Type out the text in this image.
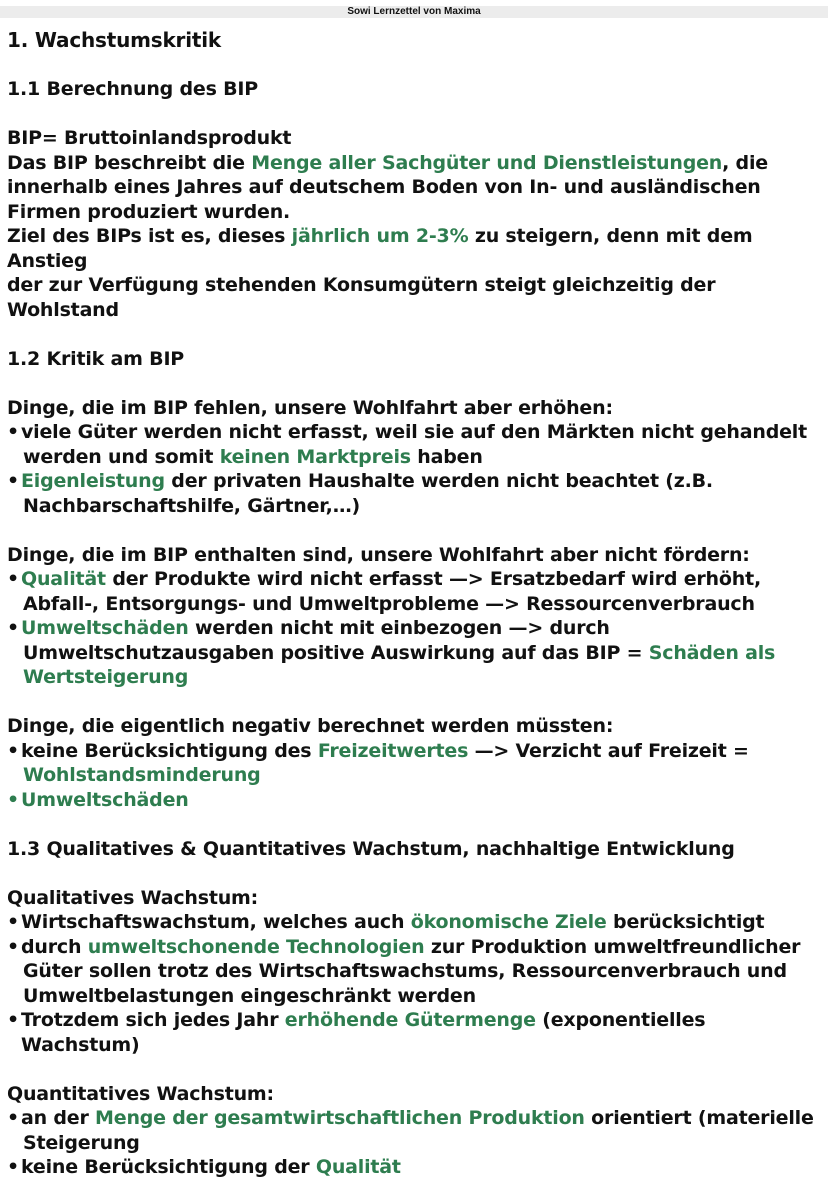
Sowi Lernzettel von Maxima

1. Wachstumskritik

1.1 Berechnung des BIP

BIP= Bruttoinlandsprodukt

Das BIP beschreibt die Menge aller Sachgüter und Dienstleistungen, die

innerhalb eines Jahres auf deutschem Boden von In- und ausländischen

Firmen produziert wurden.

Ziel des BIPs ist es, dieses jährlich um 2-3% zu steigern, denn mit dem Anstieg

der zur Verfügung stehenden Konsumgütern steigt gleichzeitig der Wohlstand

1.2 Kritik am BIP

Dinge, die im BIP fehlen, unsere Wohlfahrt aber erhöhen:

• viele Güter werden nicht erfasst, weil sie auf den Märkten nicht gehandelt

werden und somit keinen Marktpreis haben

• Eigenleistung der privaten Haushalte werden nicht beachtet (z.B.

Nachbarschaftshilfe, Gärtner,…)

Dinge, die im BIP enthalten sind, unsere Wohlfahrt aber nicht fördern:

• Qualität der Produkte wird nicht erfasst —> Ersatzbedarf wird erhöht,

Abfall-, Entsorgungs- und Umweltprobleme —> Ressourcenverbrauch

• Umweltschäden werden nicht mit einbezogen —> durch

Umweltschutzausgaben positive Auswirkung auf das BIP = Schäden als

Wertsteigerung

Dinge, die eigentlich negativ berechnet werden müssten:

• keine Berücksichtigung des Freizeitwertes —> Verzicht auf Freizeit =

Wohlstandsminderung

• Umweltschäden

1.3 Qualitatives & Quantitatives Wachstum, nachhaltige Entwicklung

Qualitatives Wachstum:

• Wirtschaftswachstum, welches auch ökonomische Ziele berücksichtigt

• durch umweltschonende Technologien zur Produktion umweltfreundlicher

Güter sollen trotz des Wirtschaftswachstums, Ressourcenverbrauch und

Umweltbelastungen eingeschränkt werden

• Trotzdem sich jedes Jahr erhöhende Gütermenge (exponentielles Wachstum)

Quantitatives Wachstum:

• an der Menge der gesamtwirtschaftlichen Produktion orientiert (materielle

Steigerung

• keine Berücksichtigung der Qualität
